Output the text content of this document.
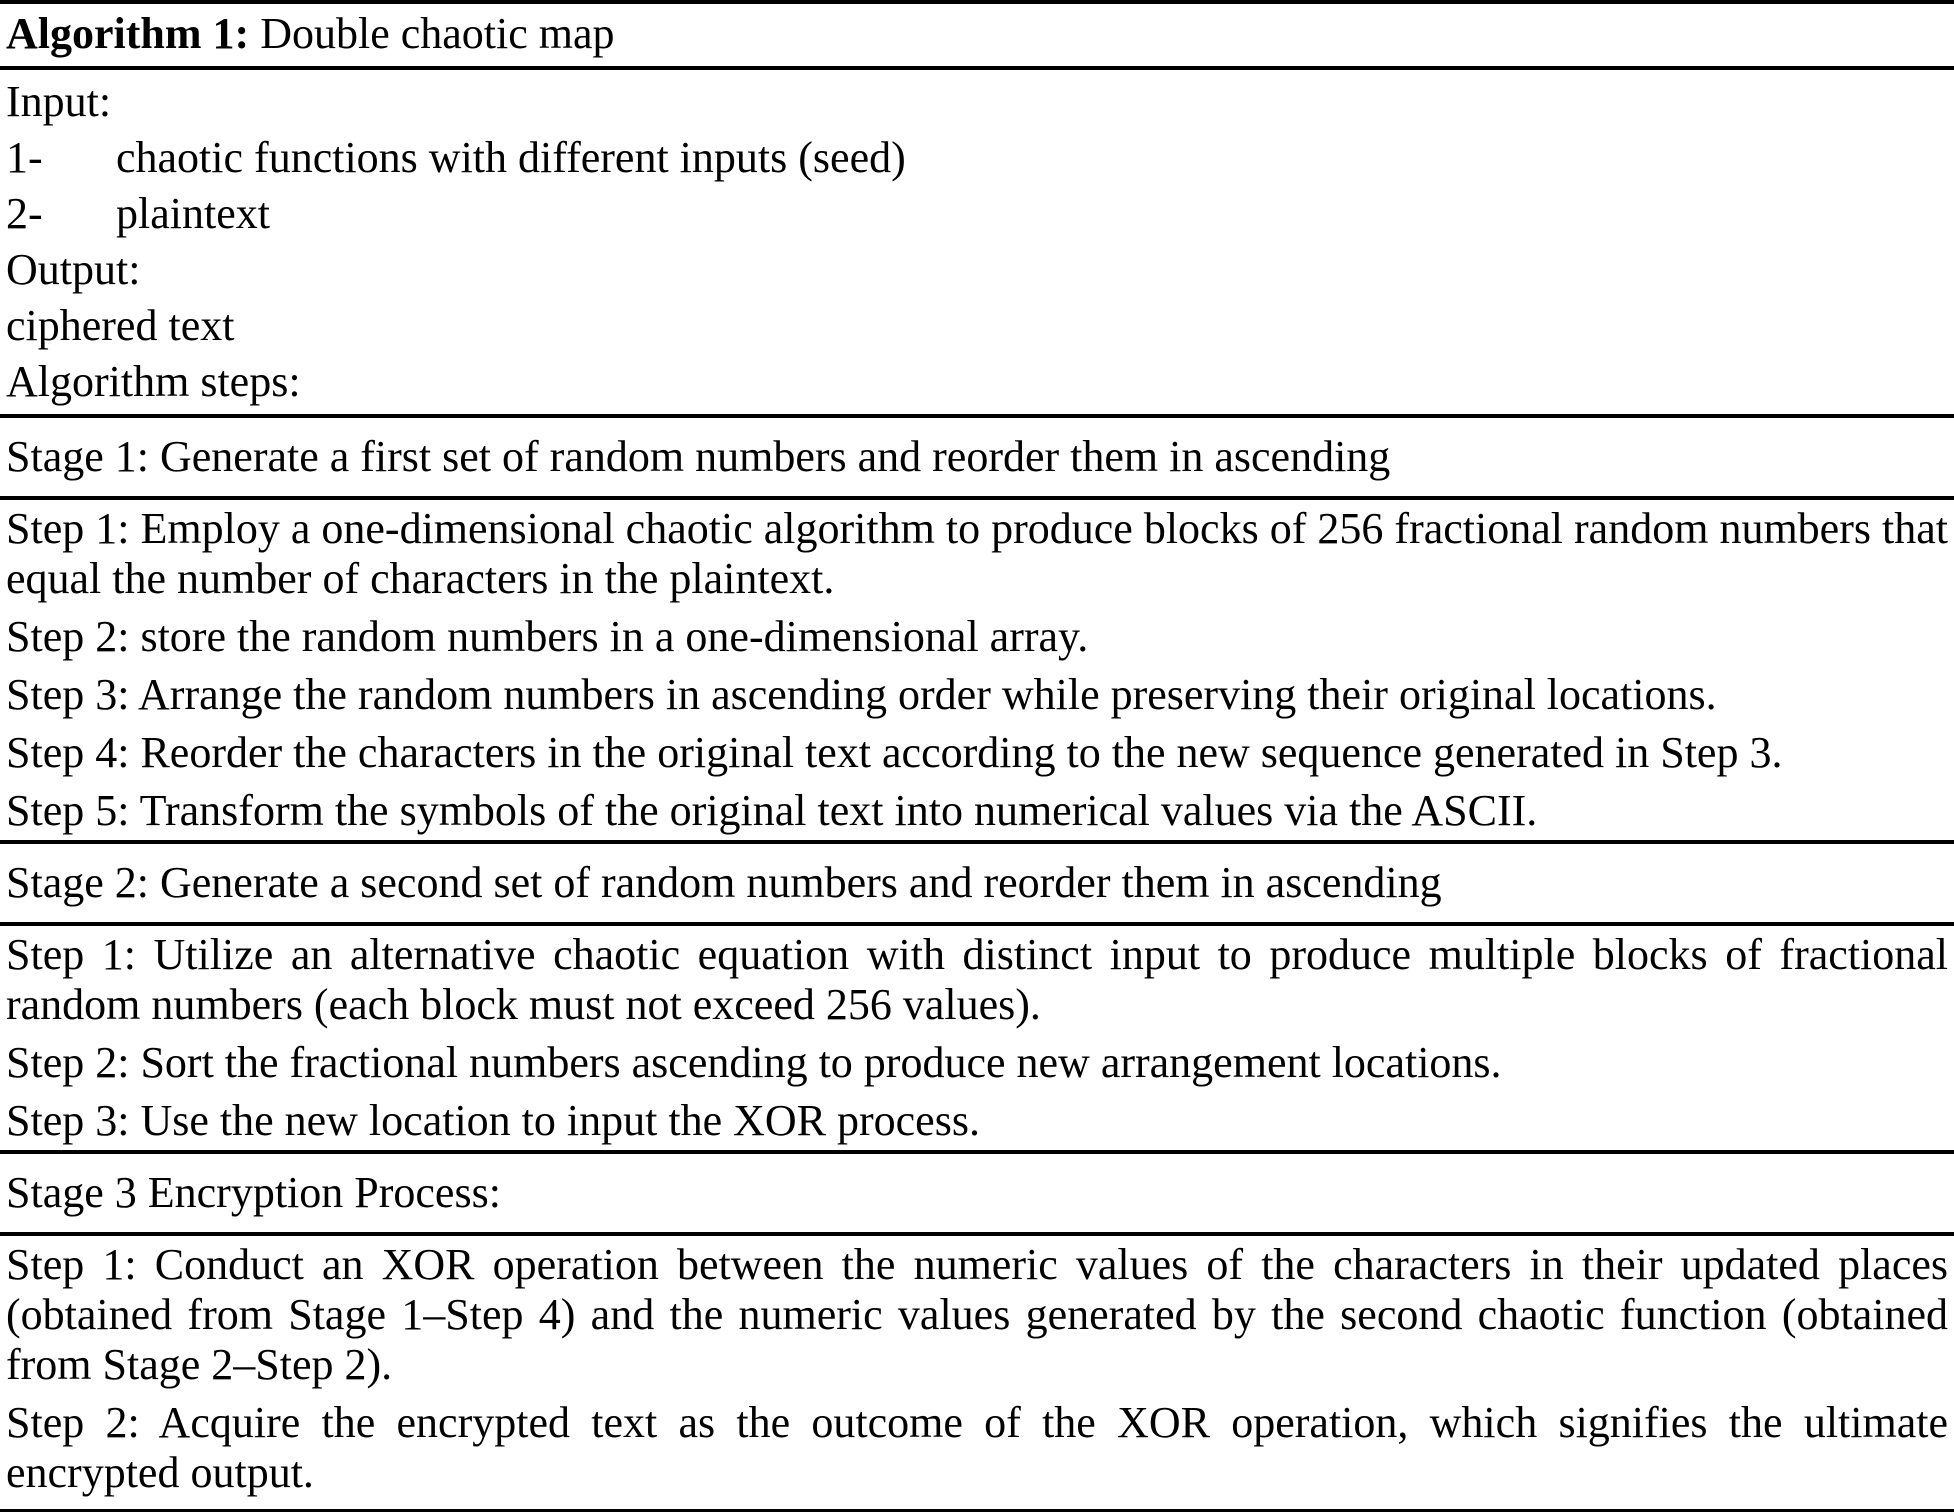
Algorithm 1: Double chaotic map

Input:

1-	chaotic functions with different inputs (seed)

2-	plaintext

Output:

ciphered text

Algorithm steps:

Stage 1: Generate a first set of random numbers and reorder them in ascending

Step 1: Employ a one-dimensional chaotic algorithm to produce blocks of 256 fractional random numbers that equal the number of characters in the plaintext.

Step 2: store the random numbers in a one-dimensional array.

Step 3: Arrange the random numbers in ascending order while preserving their original locations.

Step 4: Reorder the characters in the original text according to the new sequence generated in Step 3.

Step 5: Transform the symbols of the original text into numerical values via the ASCII.

Stage 2: Generate a second set of random numbers and reorder them in ascending

Step 1: Utilize an alternative chaotic equation with distinct input to produce multiple blocks of fractional random numbers (each block must not exceed 256 values).

Step 2: Sort the fractional numbers ascending to produce new arrangement locations.

Step 3: Use the new location to input the XOR process.

Stage 3 Encryption Process:

Step 1: Conduct an XOR operation between the numeric values of the characters in their updated places (obtained from Stage 1–Step 4) and the numeric values generated by the second chaotic function (obtained from Stage 2–Step 2).

Step 2: Acquire the encrypted text as the outcome of the XOR operation, which signifies the ultimate encrypted output.
